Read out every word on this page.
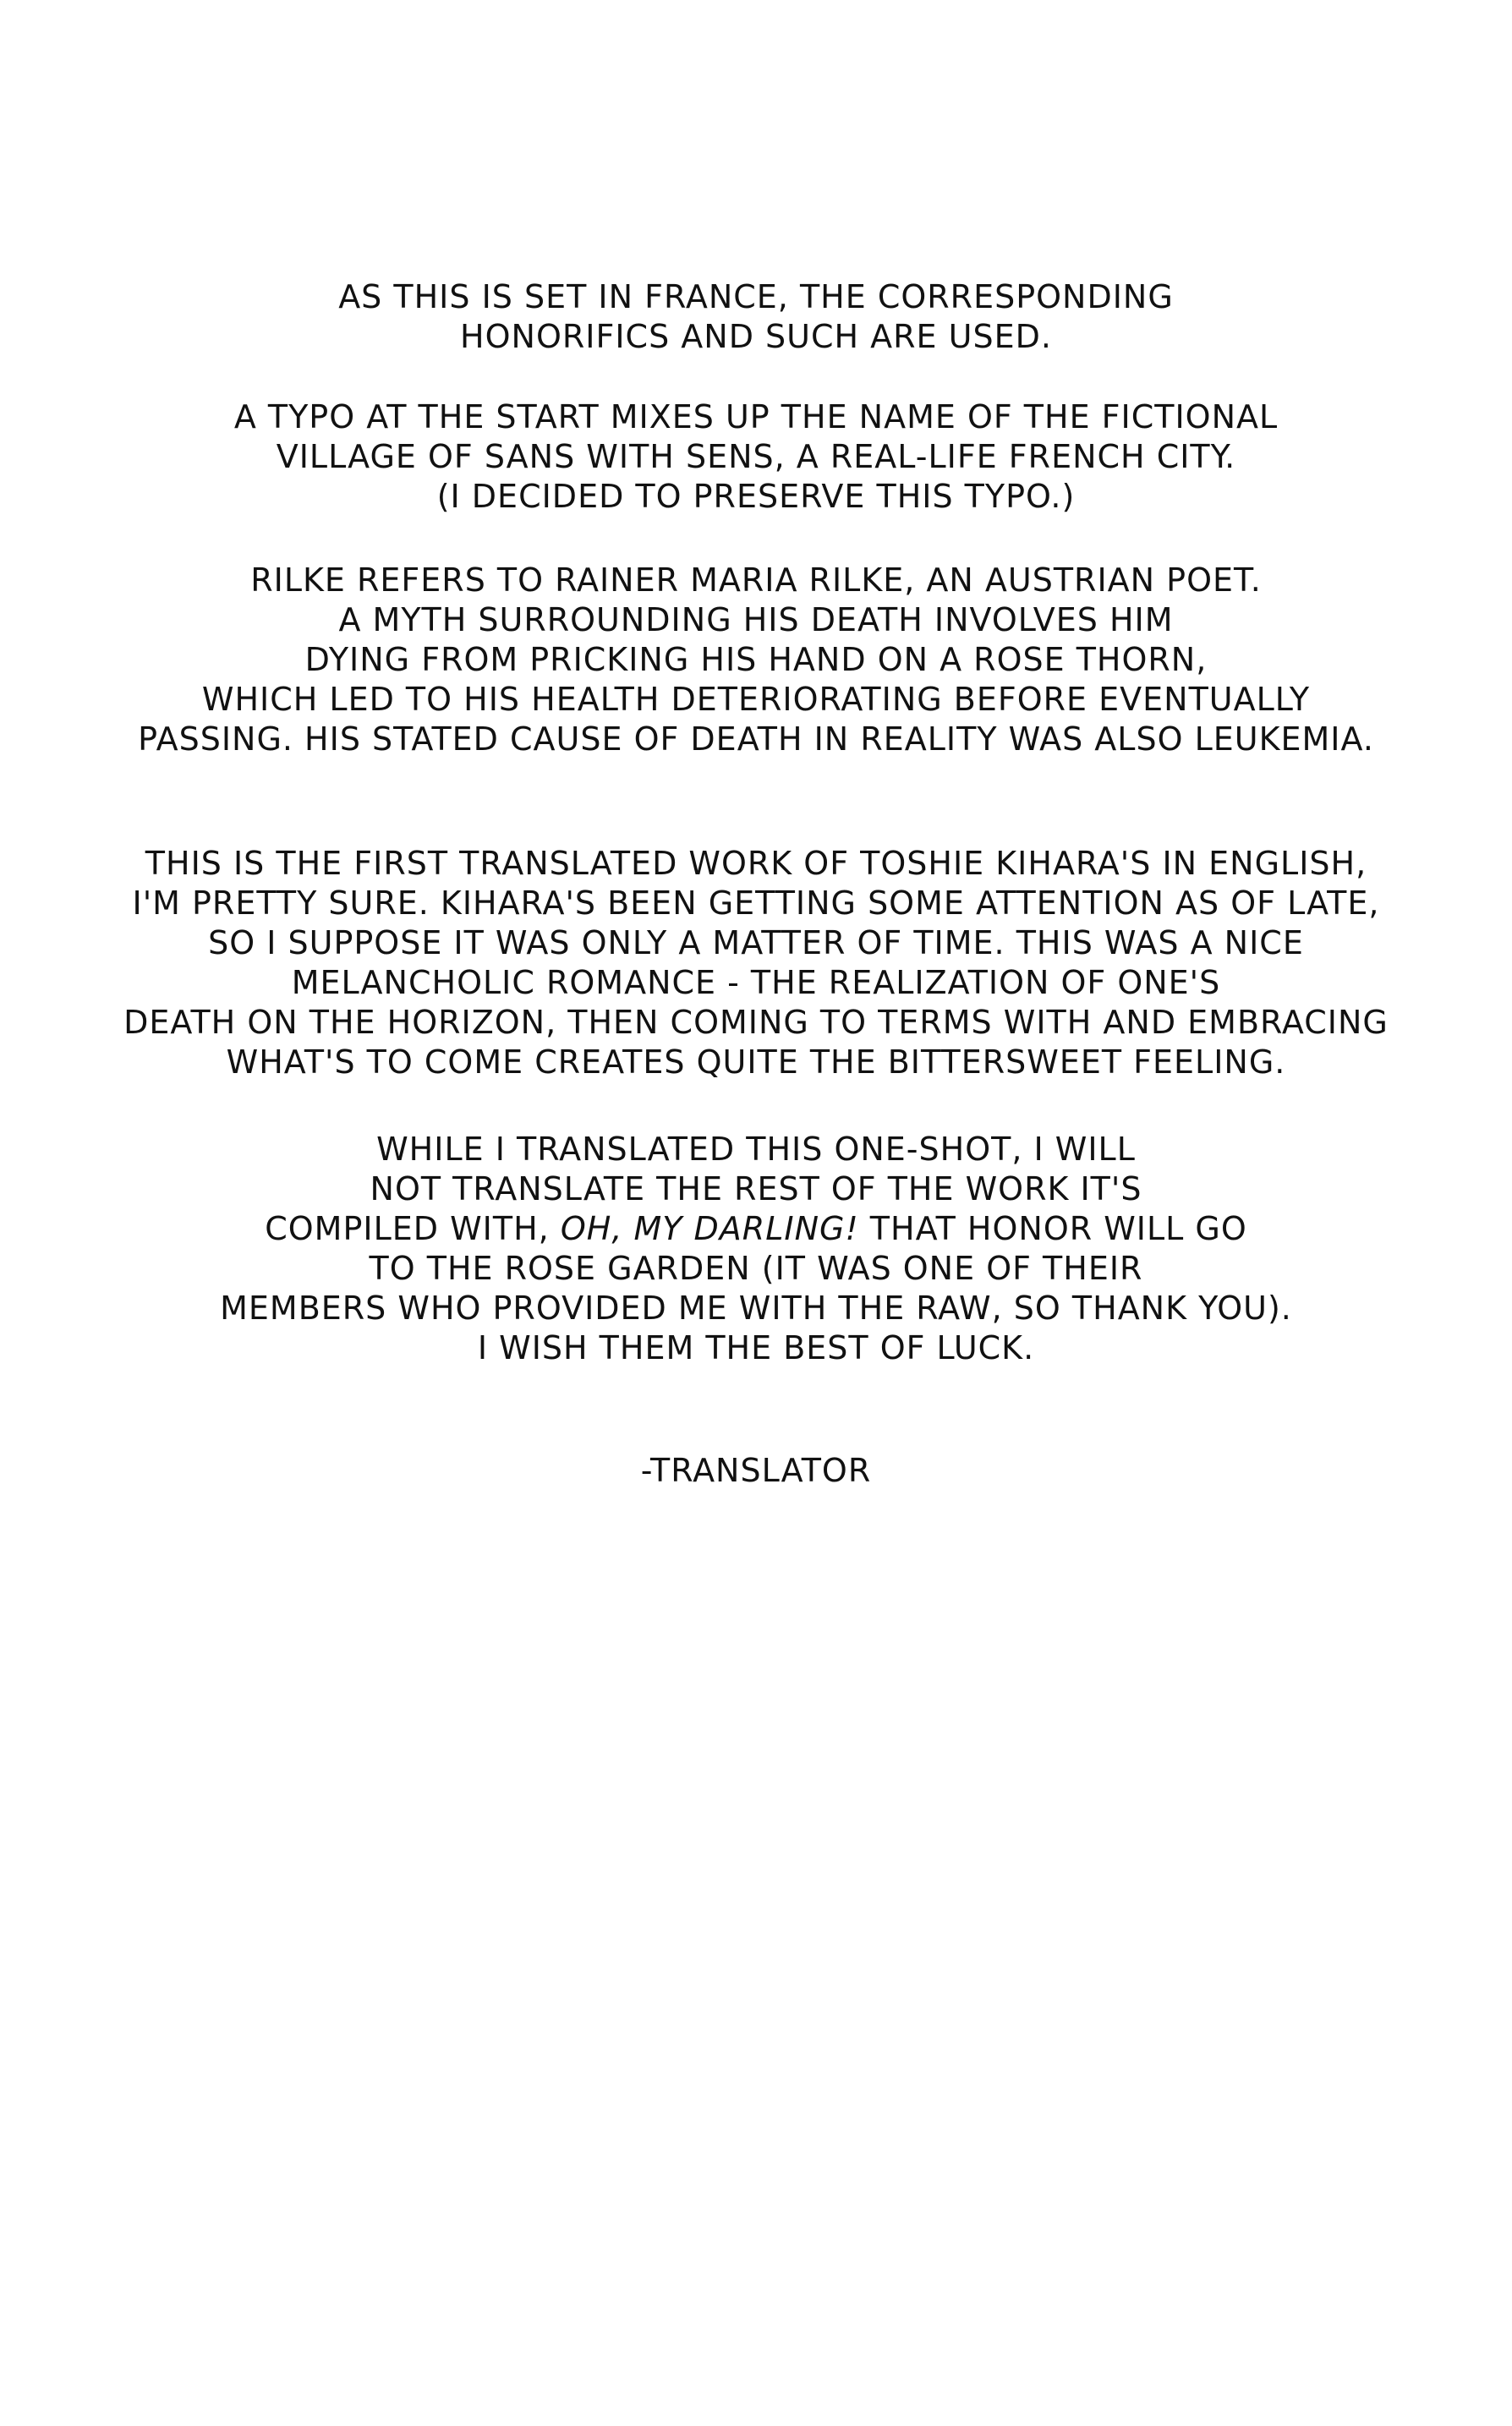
AS THIS IS SET IN FRANCE, THE CORRESPONDING
HONORIFICS AND SUCH ARE USED.
A TYPO AT THE START MIXES UP THE NAME OF THE FICTIONAL
VILLAGE OF SANS WITH SENS, A REAL-LIFE FRENCH CITY.
(I DECIDED TO PRESERVE THIS TYPO.)
RILKE REFERS TO RAINER MARIA RILKE, AN AUSTRIAN POET.
A MYTH SURROUNDING HIS DEATH INVOLVES HIM
DYING FROM PRICKING HIS HAND ON A ROSE THORN,
WHICH LED TO HIS HEALTH DETERIORATING BEFORE EVENTUALLY
PASSING. HIS STATED CAUSE OF DEATH IN REALITY WAS ALSO LEUKEMIA.
THIS IS THE FIRST TRANSLATED WORK OF TOSHIE KIHARA'S IN ENGLISH,
I'M PRETTY SURE. KIHARA'S BEEN GETTING SOME ATTENTION AS OF LATE,
SO I SUPPOSE IT WAS ONLY A MATTER OF TIME. THIS WAS A NICE
MELANCHOLIC ROMANCE - THE REALIZATION OF ONE'S
DEATH ON THE HORIZON, THEN COMING TO TERMS WITH AND EMBRACING
WHAT'S TO COME CREATES QUITE THE BITTERSWEET FEELING.
WHILE I TRANSLATED THIS ONE-SHOT, I WILL
NOT TRANSLATE THE REST OF THE WORK IT'S
COMPILED WITH, OH, MY DARLING! THAT HONOR WILL GO
TO THE ROSE GARDEN (IT WAS ONE OF THEIR
MEMBERS WHO PROVIDED ME WITH THE RAW, SO THANK YOU).
I WISH THEM THE BEST OF LUCK.
-TRANSLATOR
